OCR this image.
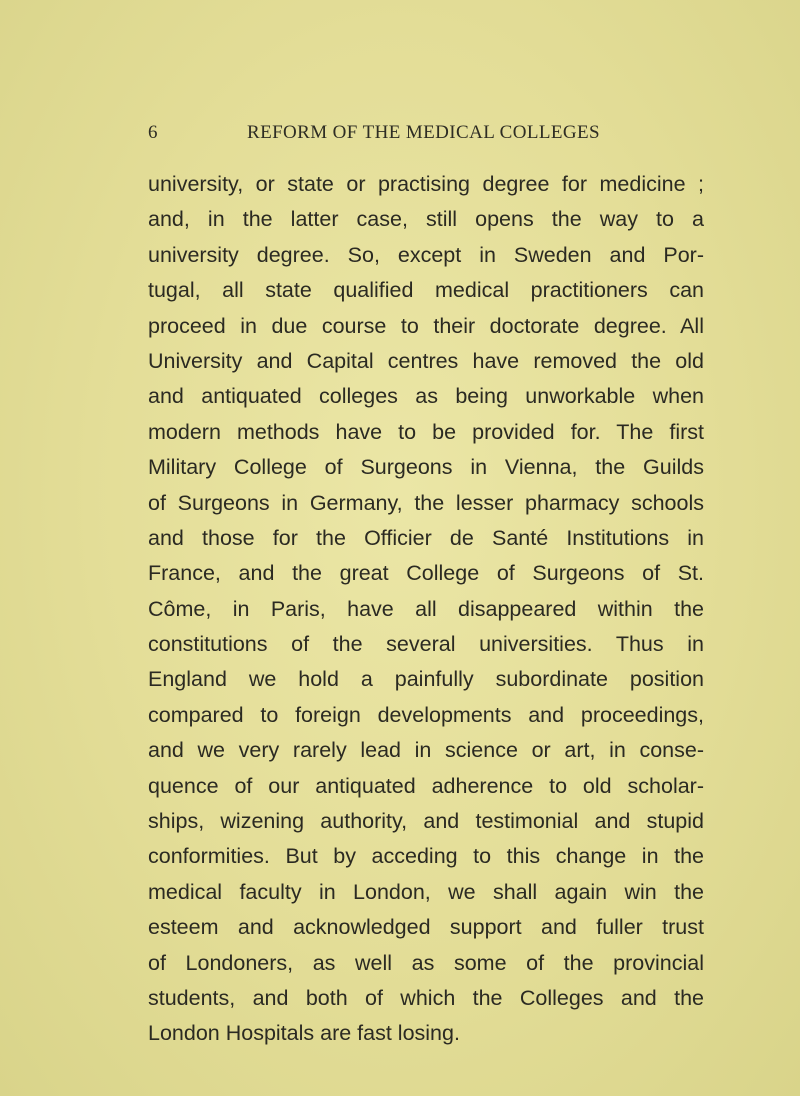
6	REFORM OF THE MEDICAL COLLEGES
university, or state or practising degree for medicine ;
and, in the latter case, still opens the way to a
university degree. So, except in Sweden and Por-
tugal, all state qualified medical practitioners can
proceed in due course to their doctorate degree. All
University and Capital centres have removed the old
and antiquated colleges as being unworkable when
modern methods have to be provided for. The first
Military College of Surgeons in Vienna, the Guilds
of Surgeons in Germany, the lesser pharmacy schools
and those for the Officier de Santé Institutions in
France, and the great College of Surgeons of St.
Côme, in Paris, have all disappeared within the
constitutions of the several universities. Thus in
England we hold a painfully subordinate position
compared to foreign developments and proceedings,
and we very rarely lead in science or art, in conse-
quence of our antiquated adherence to old scholar-
ships, wizening authority, and testimonial and stupid
conformities. But by acceding to this change in the
medical faculty in London, we shall again win the
esteem and acknowledged support and fuller trust
of Londoners, as well as some of the provincial
students, and both of which the Colleges and the
London Hospitals are fast losing.
